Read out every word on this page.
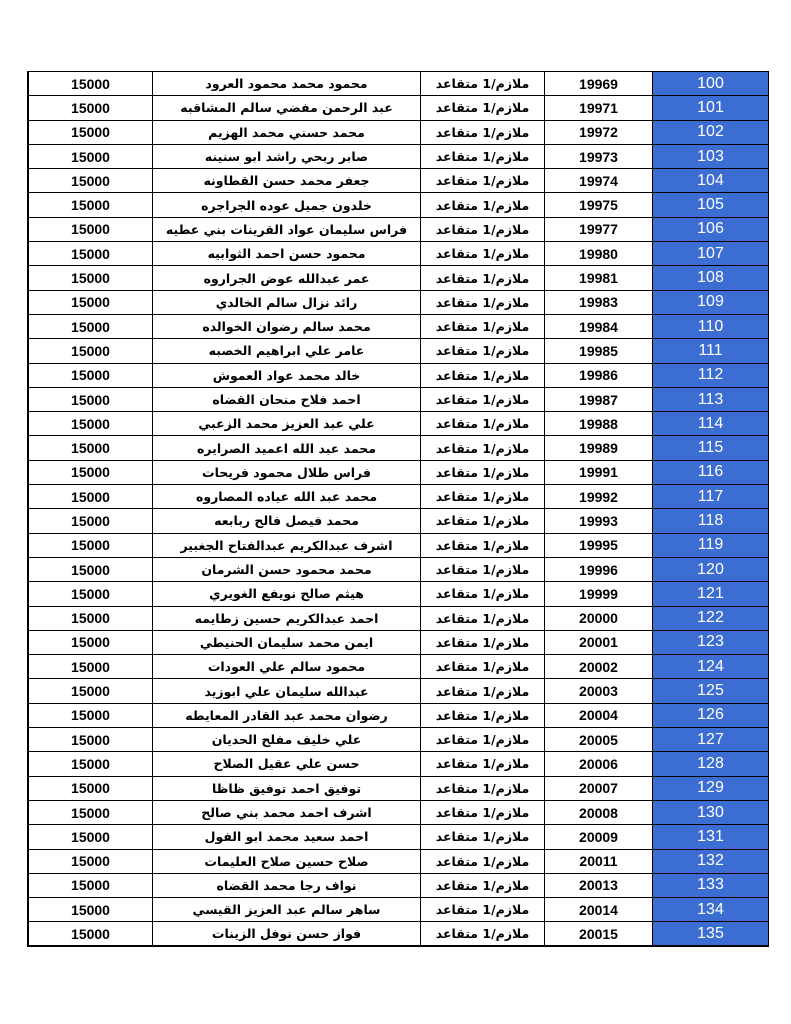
15000	محمود محمد محمود العرود	ملازم/1 متقاعد	19969	100
15000	عبد الرحمن مفضي سالم المشاقبه	ملازم/1 متقاعد	19971	101
15000	محمد حسني محمد الهزيم	ملازم/1 متقاعد	19972	102
15000	صابر ربحي راشد ابو سنينه	ملازم/1 متقاعد	19973	103
15000	جعفر محمد حسن القطاونه	ملازم/1 متقاعد	19974	104
15000	خلدون جميل عوده الجراجره	ملازم/1 متقاعد	19975	105
15000	فراس سليمان عواد القرينات بني عطيه	ملازم/1 متقاعد	19977	106
15000	محمود حسن احمد الثوابيه	ملازم/1 متقاعد	19980	107
15000	عمر عبدالله عوض الجراروه	ملازم/1 متقاعد	19981	108
15000	رائد نزال سالم الخالدي	ملازم/1 متقاعد	19983	109
15000	محمد سالم رضوان الخوالده	ملازم/1 متقاعد	19984	110
15000	عامر علي ابراهيم الخصبه	ملازم/1 متقاعد	19985	111
15000	خالد محمد عواد العموش	ملازم/1 متقاعد	19986	112
15000	احمد فلاح منحان القضاه	ملازم/1 متقاعد	19987	113
15000	علي عبد العزيز محمد الزعبي	ملازم/1 متقاعد	19988	114
15000	محمد عبد الله اعميد الصرايره	ملازم/1 متقاعد	19989	115
15000	فراس طلال محمود فريحات	ملازم/1 متقاعد	19991	116
15000	محمد عبد الله عياده المصاروه	ملازم/1 متقاعد	19992	117
15000	محمد فيصل فالح ربابعه	ملازم/1 متقاعد	19993	118
15000	اشرف عبدالكريم عبدالفتاح الجغبير	ملازم/1 متقاعد	19995	119
15000	محمد محمود حسن الشرمان	ملازم/1 متقاعد	19996	120
15000	هيثم صالح نويفع الغويري	ملازم/1 متقاعد	19999	121
15000	احمد عبدالكريم حسين زطايمه	ملازم/1 متقاعد	20000	122
15000	ايمن محمد سليمان الحنيطي	ملازم/1 متقاعد	20001	123
15000	محمود سالم علي العودات	ملازم/1 متقاعد	20002	124
15000	عبدالله سليمان علي ابوزيد	ملازم/1 متقاعد	20003	125
15000	رضوان محمد عبد القادر المعايطه	ملازم/1 متقاعد	20004	126
15000	علي خليف مفلح الحديان	ملازم/1 متقاعد	20005	127
15000	حسن علي عقيل الصلاح	ملازم/1 متقاعد	20006	128
15000	توفيق احمد توفيق ظاظا	ملازم/1 متقاعد	20007	129
15000	اشرف احمد محمد بني صالح	ملازم/1 متقاعد	20008	130
15000	احمد سعيد محمد ابو الفول	ملازم/1 متقاعد	20009	131
15000	صلاح حسين صلاح العليمات	ملازم/1 متقاعد	20011	132
15000	نواف رجا محمد القضاه	ملازم/1 متقاعد	20013	133
15000	ساهر سالم عبد العزيز القيسي	ملازم/1 متقاعد	20014	134
15000	فواز حسن نوفل الزينات	ملازم/1 متقاعد	20015	135
